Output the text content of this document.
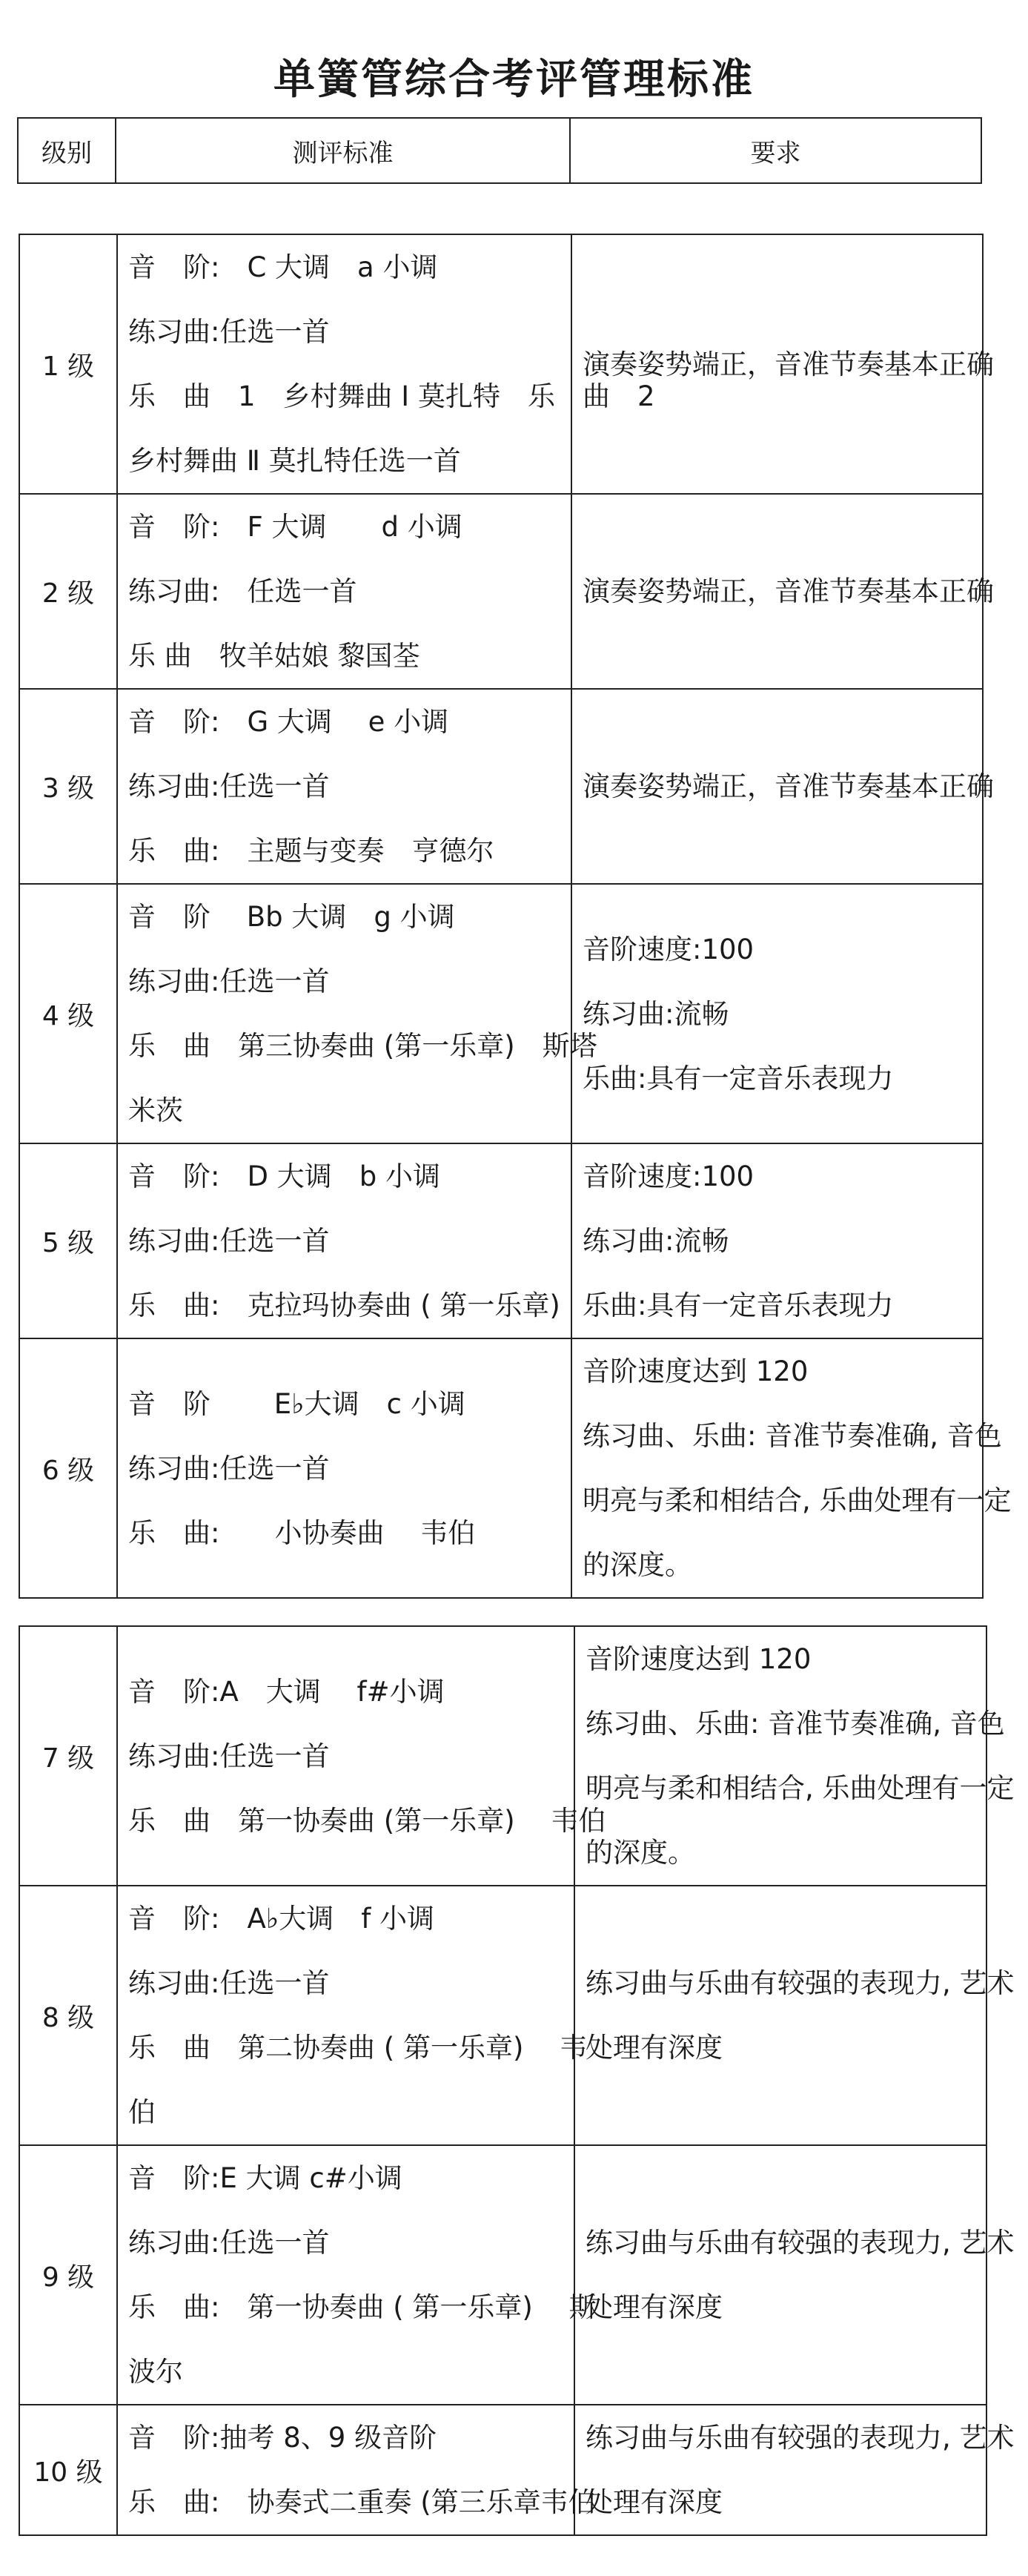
单簧管综合考评管理标准
级别	测评标准	要求
1 级	音　阶:　C 大调　a 小调
练习曲:任选一首
乐　曲　1　乡村舞曲 Ⅰ 莫扎特　乐　曲　2
乡村舞曲 Ⅱ 莫扎特任选一首	演奏姿势端正，音准节奏基本正确

2 级	音　阶:　F 大调　　d 小调
练习曲:　任选一首
乐 曲　牧羊姑娘 黎国荃	演奏姿势端正，音准节奏基本正确

3 级	音　阶:　G 大调　 e 小调
练习曲:任选一首
乐　曲:　主题与变奏　亨德尔	演奏姿势端正，音准节奏基本正确

4 级	音　阶　 Bb 大调　g 小调
练习曲:任选一首
乐　曲　第三协奏曲 (第一乐章)　斯塔
米茨	音阶速度:100
练习曲:流畅
乐曲:具有一定音乐表现力

5 级	音　阶:　D 大调　b 小调
练习曲:任选一首
乐　曲:　克拉玛协奏曲 ( 第一乐章)	音阶速度:100
练习曲:流畅
乐曲:具有一定音乐表现力

6 级	音　阶　　 E♭大调　c 小调
练习曲:任选一首
乐　曲:　　小协奏曲　 韦伯	音阶速度达到 120
练习曲、乐曲: 音准节奏准确, 音色
明亮与柔和相结合, 乐曲处理有一定
的深度。
7 级	音　阶:A　大调　 f#小调
练习曲:任选一首
乐　曲　第一协奏曲 (第一乐章)　 韦伯	音阶速度达到 120
练习曲、乐曲: 音准节奏准确, 音色
明亮与柔和相结合, 乐曲处理有一定
的深度。

8 级	音　阶:　A♭大调　f 小调
练习曲:任选一首
乐　曲　第二协奏曲 ( 第一乐章)　 韦
伯	练习曲与乐曲有较强的表现力, 艺术
处理有深度

9 级	音　阶:E 大调 c#小调
练习曲:任选一首
乐　曲:　第一协奏曲 ( 第一乐章)　 斯
波尔	练习曲与乐曲有较强的表现力, 艺术
处理有深度

10 级	音　阶:抽考 8、9 级音阶
乐　曲:　协奏式二重奏 (第三乐章韦伯	练习曲与乐曲有较强的表现力, 艺术
处理有深度
